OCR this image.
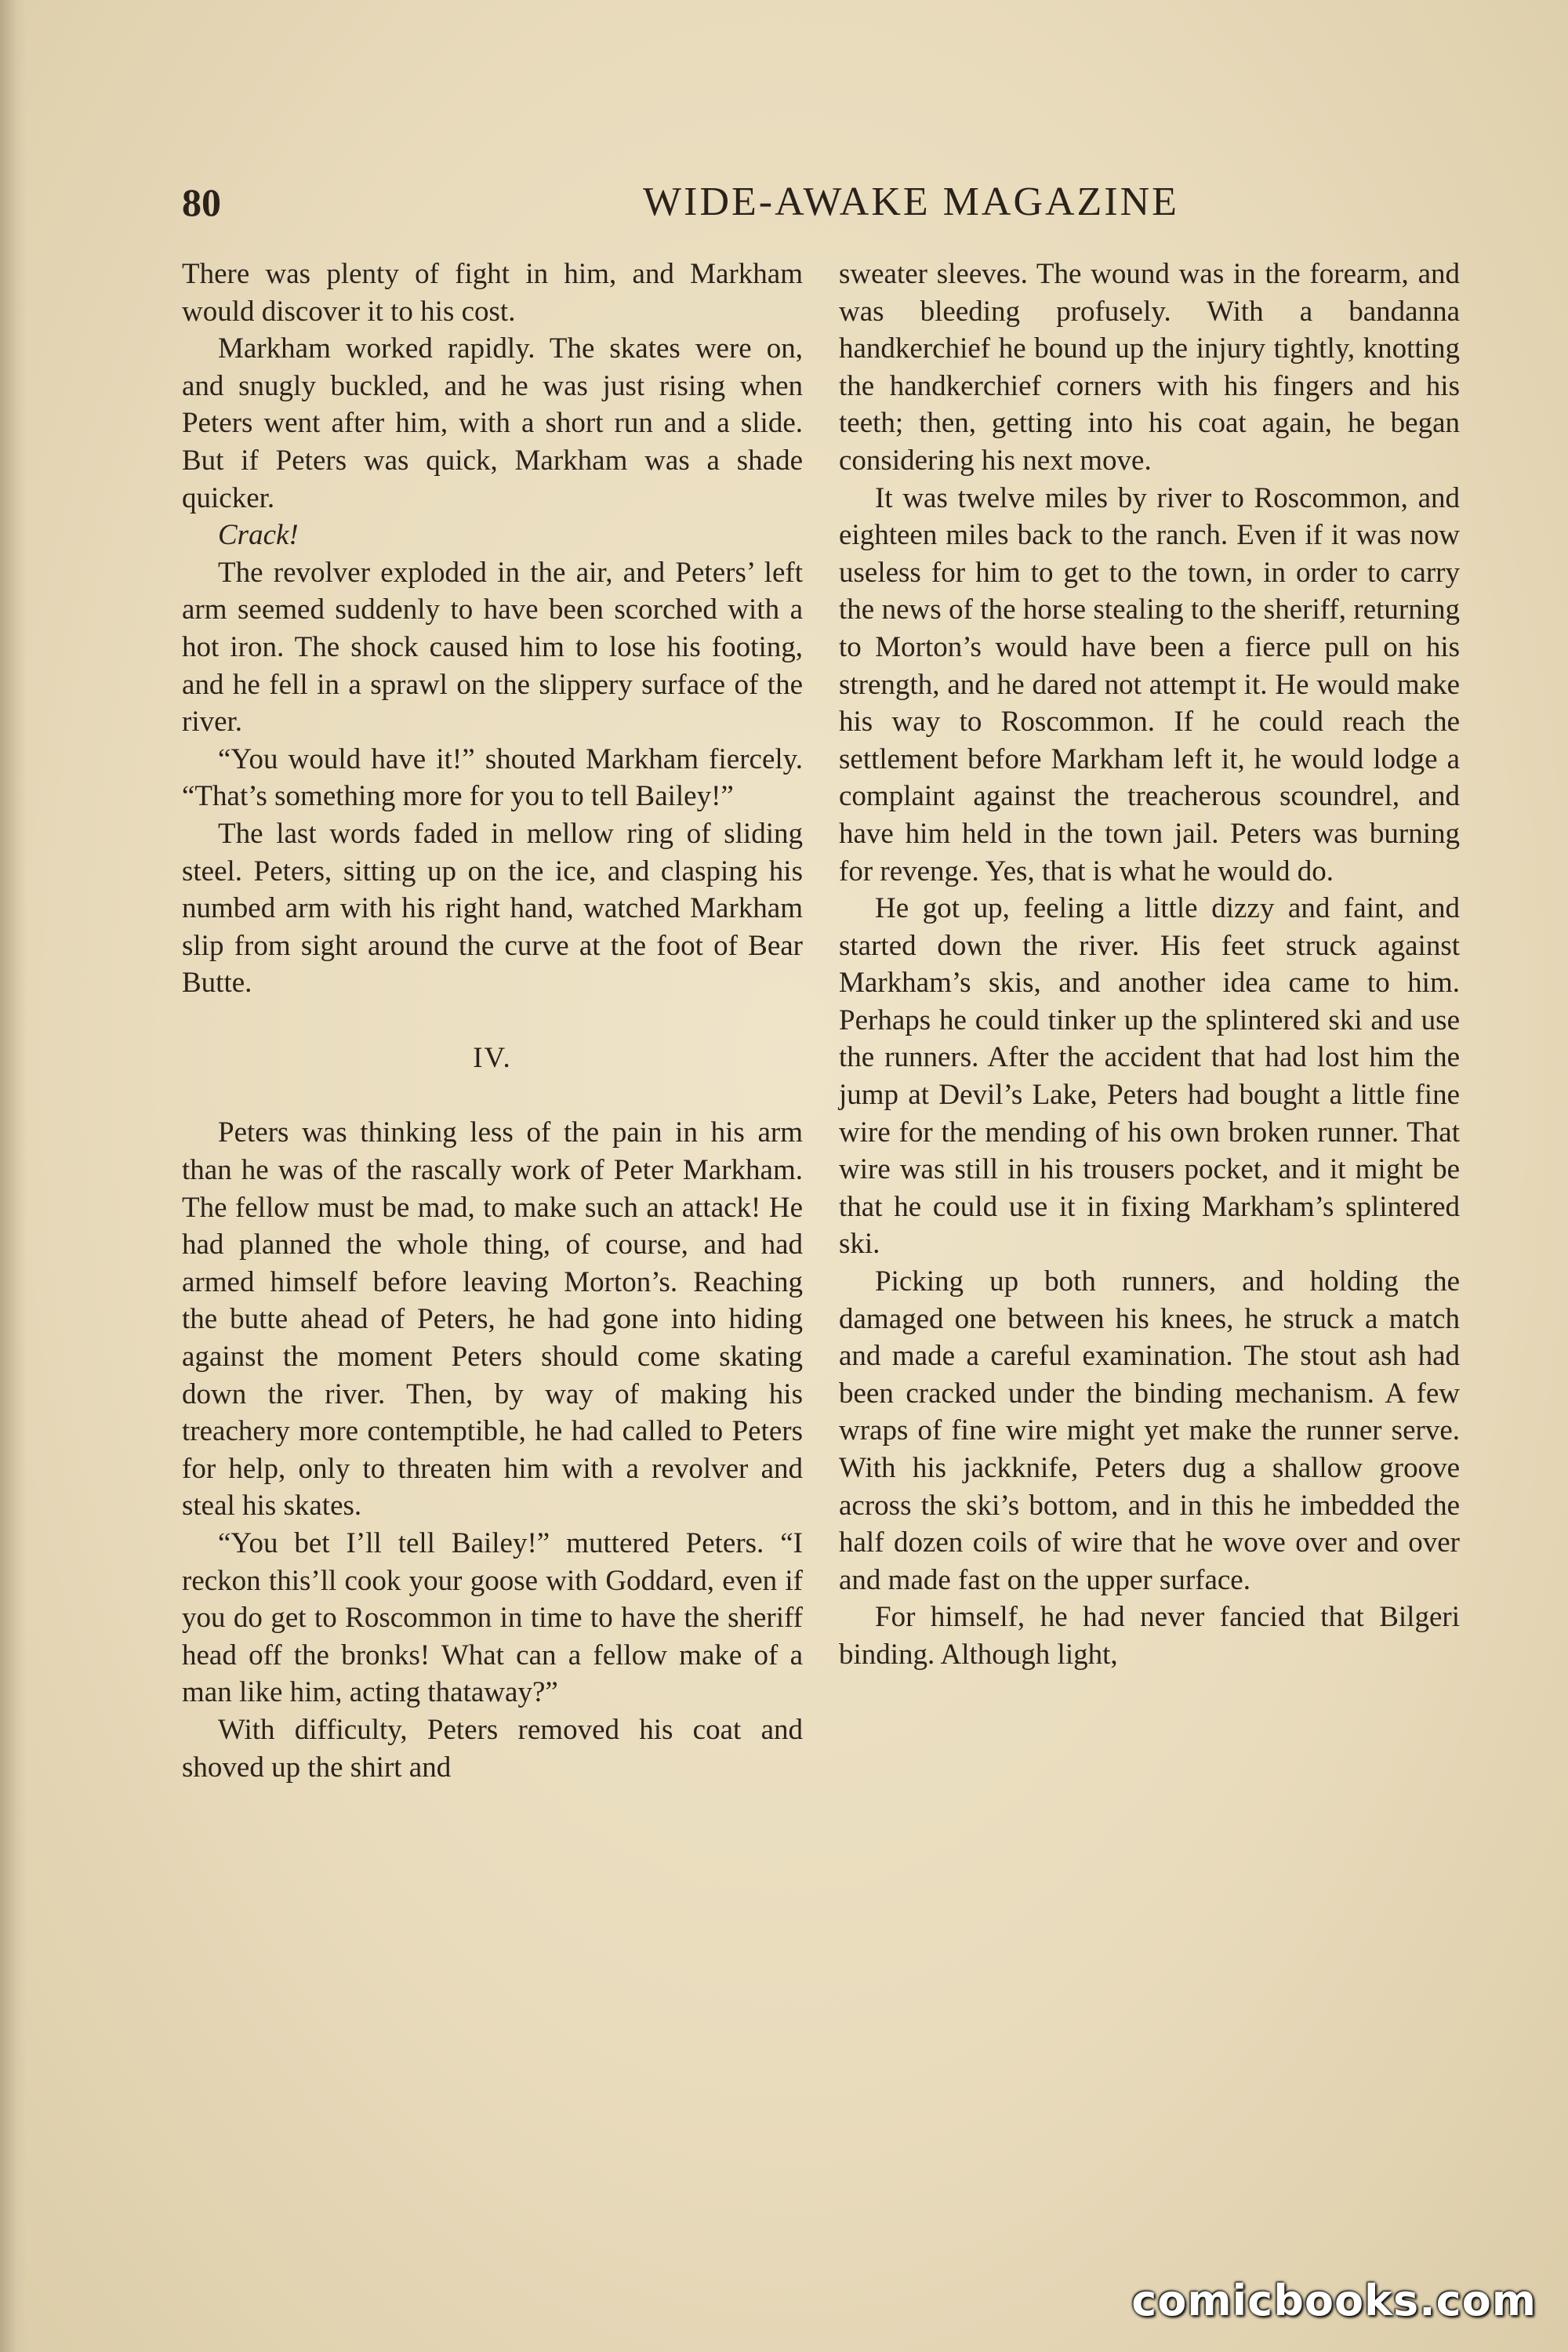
80	WIDE-AWAKE MAGAZINE

There was plenty of fight in him, and Markham would discover it to his cost.

Markham worked rapidly. The skates were on, and snugly buckled, and he was just rising when Peters went after him, with a short run and a slide. But if Peters was quick, Markham was a shade quicker.

Crack!

The revolver exploded in the air, and Peters’ left arm seemed suddenly to have been scorched with a hot iron. The shock caused him to lose his footing, and he fell in a sprawl on the slippery surface of the river.

“You would have it!” shouted Markham fiercely. “That’s something more for you to tell Bailey!”

The last words faded in mellow ring of sliding steel. Peters, sitting up on the ice, and clasping his numbed arm with his right hand, watched Markham slip from sight around the curve at the foot of Bear Butte.

IV.

Peters was thinking less of the pain in his arm than he was of the rascally work of Peter Markham. The fellow must be mad, to make such an attack! He had planned the whole thing, of course, and had armed himself before leaving Morton’s. Reaching the butte ahead of Peters, he had gone into hiding against the moment Peters should come skating down the river. Then, by way of making his treachery more contemptible, he had called to Peters for help, only to threaten him with a revolver and steal his skates.

“You bet I’ll tell Bailey!” muttered Peters. “I reckon this’ll cook your goose with Goddard, even if you do get to Roscommon in time to have the sheriff head off the bronks! What can a fellow make of a man like him, acting thataway?”

With difficulty, Peters removed his coat and shoved up the shirt and

sweater sleeves. The wound was in the forearm, and was bleeding profusely. With a bandanna handkerchief he bound up the injury tightly, knotting the handkerchief corners with his fingers and his teeth; then, getting into his coat again, he began considering his next move.

It was twelve miles by river to Roscommon, and eighteen miles back to the ranch. Even if it was now useless for him to get to the town, in order to carry the news of the horse stealing to the sheriff, returning to Morton’s would have been a fierce pull on his strength, and he dared not attempt it. He would make his way to Roscommon. If he could reach the settlement before Markham left it, he would lodge a complaint against the treacherous scoundrel, and have him held in the town jail. Peters was burning for revenge. Yes, that is what he would do.

He got up, feeling a little dizzy and faint, and started down the river. His feet struck against Markham’s skis, and another idea came to him. Perhaps he could tinker up the splintered ski and use the runners. After the accident that had lost him the jump at Devil’s Lake, Peters had bought a little fine wire for the mending of his own broken runner. That wire was still in his trousers pocket, and it might be that he could use it in fixing Markham’s splintered ski.

Picking up both runners, and holding the damaged one between his knees, he struck a match and made a careful examination. The stout ash had been cracked under the binding mechanism. A few wraps of fine wire might yet make the runner serve. With his jackknife, Peters dug a shallow groove across the ski’s bottom, and in this he imbedded the half dozen coils of wire that he wove over and over and made fast on the upper surface.

For himself, he had never fancied that Bilgeri binding. Although light,

comicbooks.com
